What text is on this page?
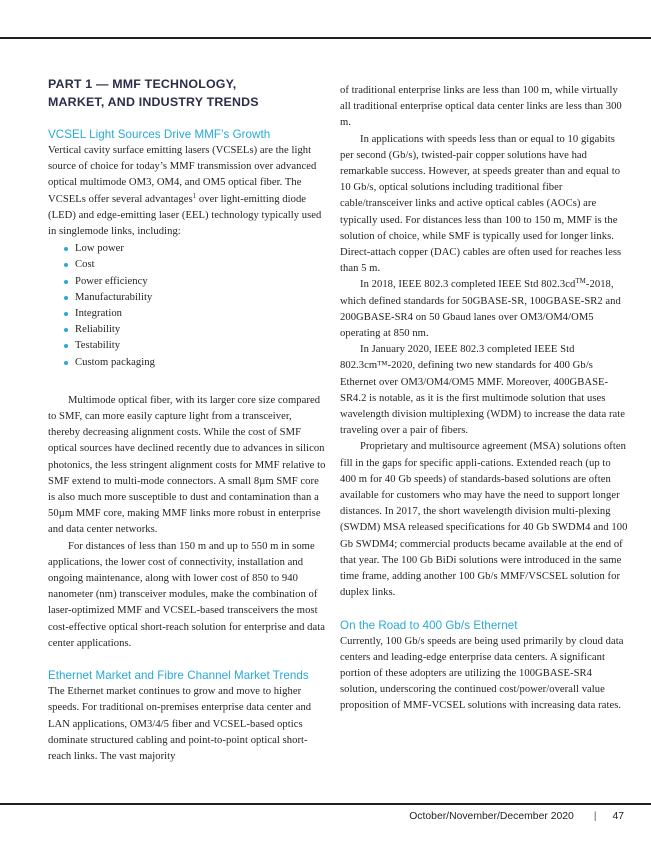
PART 1 — MMF TECHNOLOGY,
MARKET, AND INDUSTRY TRENDS
VCSEL Light Sources Drive MMF’s Growth

Vertical cavity surface emitting lasers (VCSELs) are the light source of choice for today’s MMF transmission over advanced optical multimode OM3, OM4, and OM5 optical fiber. The VCSELs offer several advantages$^1$ over light-emitting diode (LED) and edge-emitting laser (EEL) technology typically used in singlemode links, including:

Low power
Cost
Power efficiency
Manufacturability
Integration
Reliability
Testability
Custom packaging

Multimode optical fiber, with its larger core size compared to SMF, can more easily capture light from a transceiver, thereby decreasing alignment costs. While the cost of SMF optical sources have declined recently due to advances in silicon photonics, the less stringent alignment costs for MMF relative to SMF extend to multi-mode connectors. A small 8µm SMF core is also much more susceptible to dust and contamination than a 50µm MMF core, making MMF links more robust in enterprise and data center networks.

For distances of less than 150 m and up to 550 m in some applications, the lower cost of connectivity, installation and ongoing maintenance, along with lower cost of 850 to 940 nanometer (nm) transceiver modules, make the combination of laser-optimized MMF and VCSEL-based transceivers the most cost-effective optical short-reach solution for enterprise and data center applications.

Ethernet Market and Fibre Channel Market Trends

The Ethernet market continues to grow and move to higher speeds. For traditional on-premises enterprise data center and LAN applications, OM3/4/5 fiber and VCSEL-based optics dominate structured cabling and point-to-point optical short-reach links. The vast majority

of traditional enterprise links are less than 100 m, while virtually all traditional enterprise optical data center links are less than 300 m.

In applications with speeds less than or equal to 10 gigabits per second (Gb/s), twisted-pair copper solutions have had remarkable success. However, at speeds greater than and equal to 10 Gb/s, optical solutions including traditional fiber cable/transceiver links and active optical cables (AOCs) are typically used. For distances less than 100 to 150 m, MMF is the solution of choice, while SMF is typically used for longer links. Direct-attach copper (DAC) cables are often used for reaches less than 5 m.

In 2018, IEEE 802.3 completed IEEE Std 802.3cd™-2018, which defined standards for 50GBASE-SR, 100GBASE-SR2 and 200GBASE-SR4 on 50 Gbaud lanes over OM3/OM4/OM5 operating at 850 nm.

In January 2020, IEEE 802.3 completed IEEE Std 802.3cm™-2020, defining two new standards for 400 Gb/s Ethernet over OM3/OM4/OM5 MMF. Moreover, 400GBASE-SR4.2 is notable, as it is the first multimode solution that uses wavelength division multiplexing (WDM) to increase the data rate traveling over a pair of fibers.

Proprietary and multisource agreement (MSA) solutions often fill in the gaps for specific appli-cations. Extended reach (up to 400 m for 40 Gb speeds) of standards-based solutions are often available for customers who may have the need to support longer distances. In 2017, the short wavelength division multi-plexing (SWDM) MSA released specifications for 40 Gb SWDM4 and 100 Gb SWDM4; commercial products became available at the end of that year. The 100 Gb BiDi solutions were introduced in the same time frame, adding another 100 Gb/s MMF/VSCSEL solution for duplex links.

On the Road to 400 Gb/s Ethernet

Currently, 100 Gb/s speeds are being used primarily by cloud data centers and leading-edge enterprise data centers. A significant portion of these adopters are utilizing the 100GBASE-SR4 solution, underscoring the continued cost/power/overall value proposition of MMF-VCSEL solutions with increasing data rates.

October/November/December 2020 | 47
